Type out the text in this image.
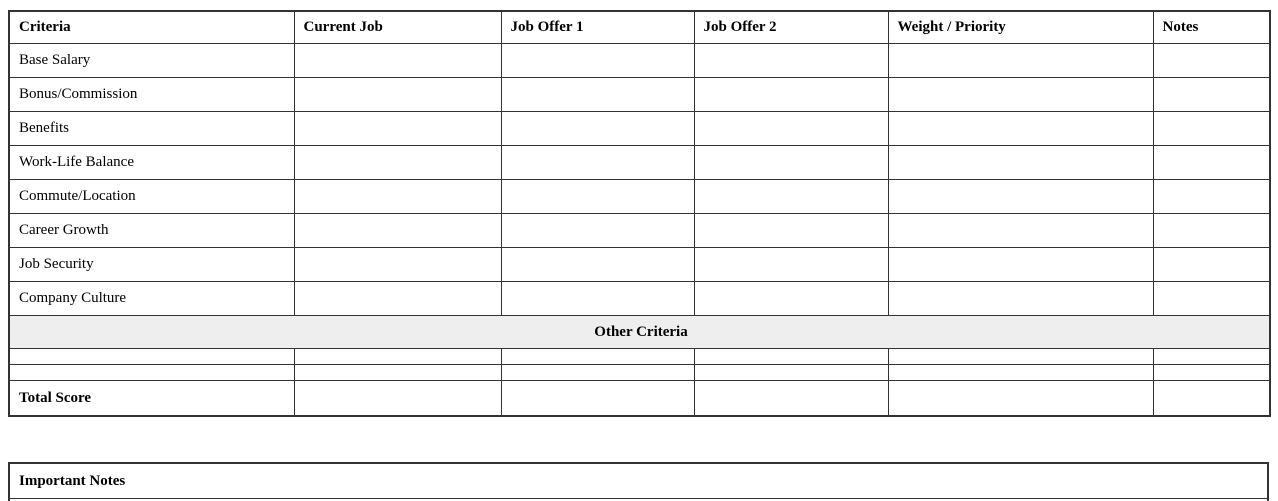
Criteria	Current Job	Job Offer 1	Job Offer 2	Weight / Priority	Notes
Base Salary					
Bonus/Commission					
Benefits					
Work-Life Balance					
Commute/Location					
Career Growth					
Job Security					
Company Culture					
Other Criteria					

Total Score					
Important Notes
